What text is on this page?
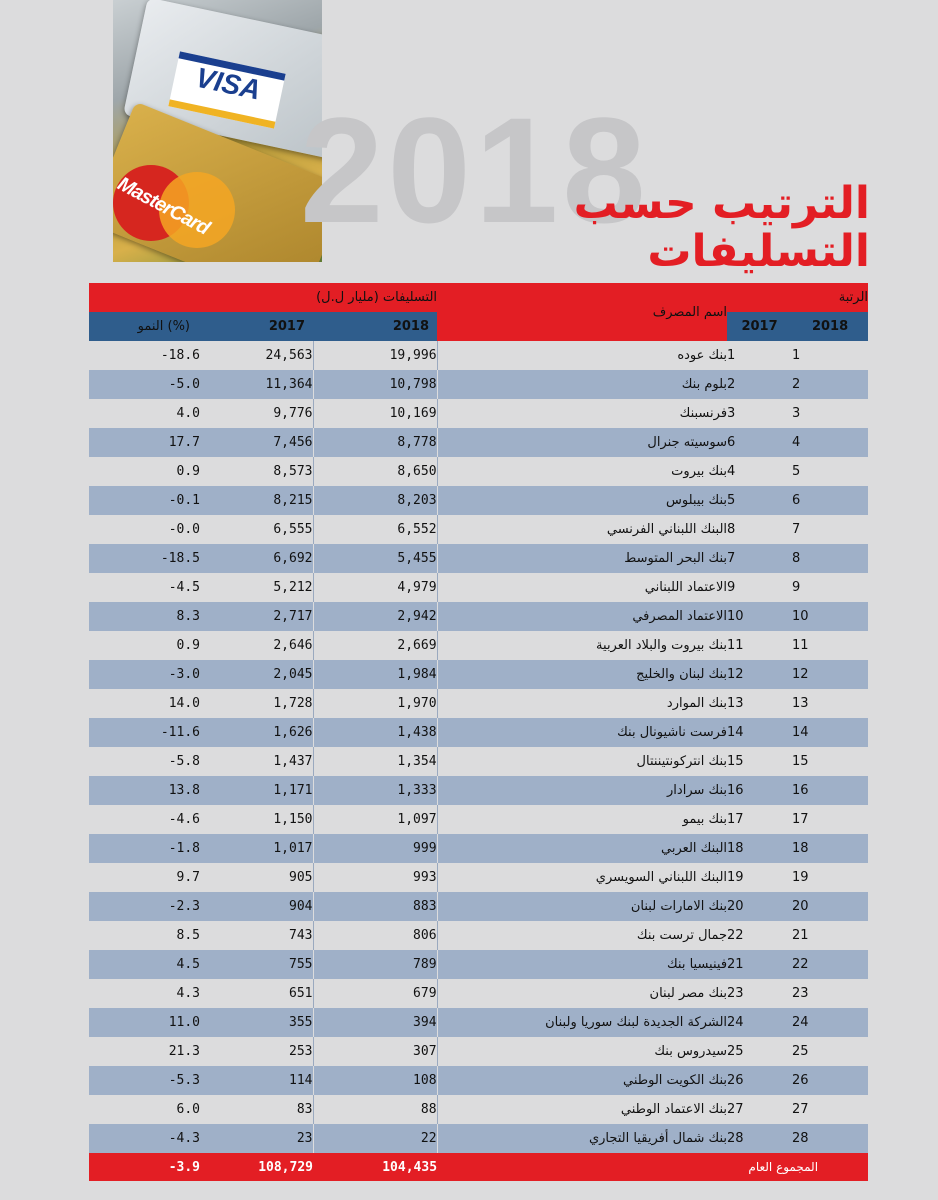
VISA
MasterCard 2018
الترتيب حسب
التسليفات
التسليفات (مليار ل.ل)			اسم المصرف	الرتبة	
النمو (%)	2017	2018		2017	2018
-18.6	24,563	19,996	بنك عوده	1	1
-5.0	11,364	10,798	بلوم بنك	2	2
4.0	9,776	10,169	فرنسبنك	3	3
17.7	7,456	8,778	سوسيته جنرال	6	4
0.9	8,573	8,650	بنك بيروت	4	5
-0.1	8,215	8,203	بنك بيبلوس	5	6
-0.0	6,555	6,552	البنك اللبناني الفرنسي	8	7
-18.5	6,692	5,455	بنك البحر المتوسط	7	8
-4.5	5,212	4,979	الاعتماد اللبناني	9	9
8.3	2,717	2,942	الاعتماد المصرفي	10	10
0.9	2,646	2,669	بنك بيروت والبلاد العربية	11	11
-3.0	2,045	1,984	بنك لبنان والخليج	12	12
14.0	1,728	1,970	بنك الموارد	13	13
-11.6	1,626	1,438	فرست ناشيونال بنك	14	14
-5.8	1,437	1,354	بنك انتركونتيننتال	15	15
13.8	1,171	1,333	بنك سرادار	16	16
-4.6	1,150	1,097	بنك بيمو	17	17
-1.8	1,017	999	البنك العربي	18	18
9.7	905	993	البنك اللبناني السويسري	19	19
-2.3	904	883	بنك الامارات لبنان	20	20
8.5	743	806	جمال ترست بنك	22	21
4.5	755	789	فينيسيا بنك	21	22
4.3	651	679	بنك مصر لبنان	23	23
11.0	355	394	الشركة الجديدة لبنك سوريا ولبنان	24	24
21.3	253	307	سيدروس بنك	25	25
-5.3	114	108	بنك الكويت الوطني	26	26
6.0	83	88	بنك الاعتماد الوطني	27	27
-4.3	23	22	بنك شمال أفريقيا التجاري	28	28
-3.9	108,729	104,435	المجموع العام		
